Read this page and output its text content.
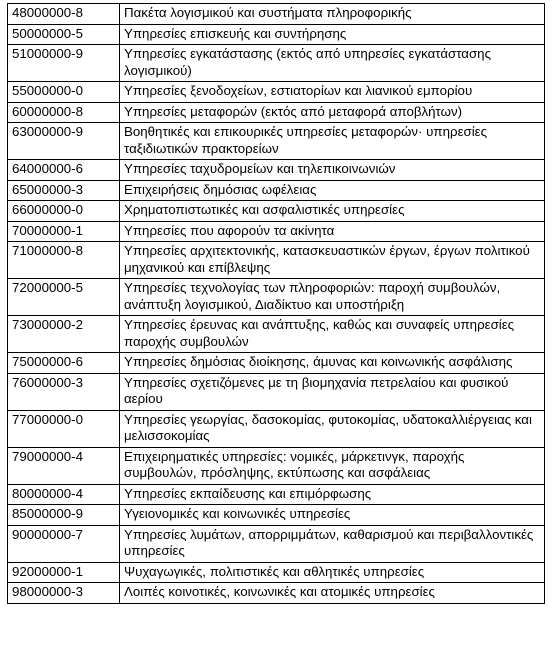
48000000-8	Πακέτα λογισμικού και συστήματα πληροφορικής
50000000-5	Υπηρεσίες επισκευής και συντήρησης
51000000-9	Υπηρεσίες εγκατάστασης (εκτός από υπηρεσίες εγκατάστασης λογισμικού)
55000000-0	Υπηρεσίες ξενοδοχείων, εστιατορίων και λιανικού εμπορίου
60000000-8	Υπηρεσίες μεταφορών (εκτός από μεταφορά αποβλήτων)
63000000-9	Βοηθητικές και επικουρικές υπηρεσίες μεταφορών· υπηρεσίες ταξιδιωτικών πρακτορείων
64000000-6	Υπηρεσίες ταχυδρομείων και τηλεπικοινωνιών
65000000-3	Επιχειρήσεις δημόσιας ωφέλειας
66000000-0	Χρηματοπιστωτικές και ασφαλιστικές υπηρεσίες
70000000-1	Υπηρεσίες που αφορούν τα ακίνητα
71000000-8	Υπηρεσίες αρχιτεκτονικής, κατασκευαστικών έργων, έργων πολιτικού μηχανικού και επίβλεψης
72000000-5	Υπηρεσίες τεχνολογίας των πληροφοριών: παροχή συμβουλών, ανάπτυξη λογισμικού, Διαδίκτυο και υποστήριξη
73000000-2	Υπηρεσίες έρευνας και ανάπτυξης, καθώς και συναφείς υπηρεσίες παροχής συμβουλών
75000000-6	Υπηρεσίες δημόσιας διοίκησης, άμυνας και κοινωνικής ασφάλισης
76000000-3	Υπηρεσίες σχετιζόμενες με τη βιομηχανία πετρελαίου και φυσικού αερίου
77000000-0	Υπηρεσίες γεωργίας, δασοκομίας, φυτοκομίας, υδατοκαλλιέργειας και μελισσοκομίας
79000000-4	Επιχειρηματικές υπηρεσίες: νομικές, μάρκετινγκ, παροχής συμβουλών, πρόσληψης, εκτύπωσης και ασφάλειας
80000000-4	Υπηρεσίες εκπαίδευσης και επιμόρφωσης
85000000-9	Υγειονομικές και κοινωνικές υπηρεσίες
90000000-7	Υπηρεσίες λυμάτων, απορριμμάτων, καθαρισμού και περιβαλλοντικές υπηρεσίες
92000000-1	Ψυχαγωγικές, πολιτιστικές και αθλητικές υπηρεσίες
98000000-3	Λοιπές κοινοτικές, κοινωνικές και ατομικές υπηρεσίες
